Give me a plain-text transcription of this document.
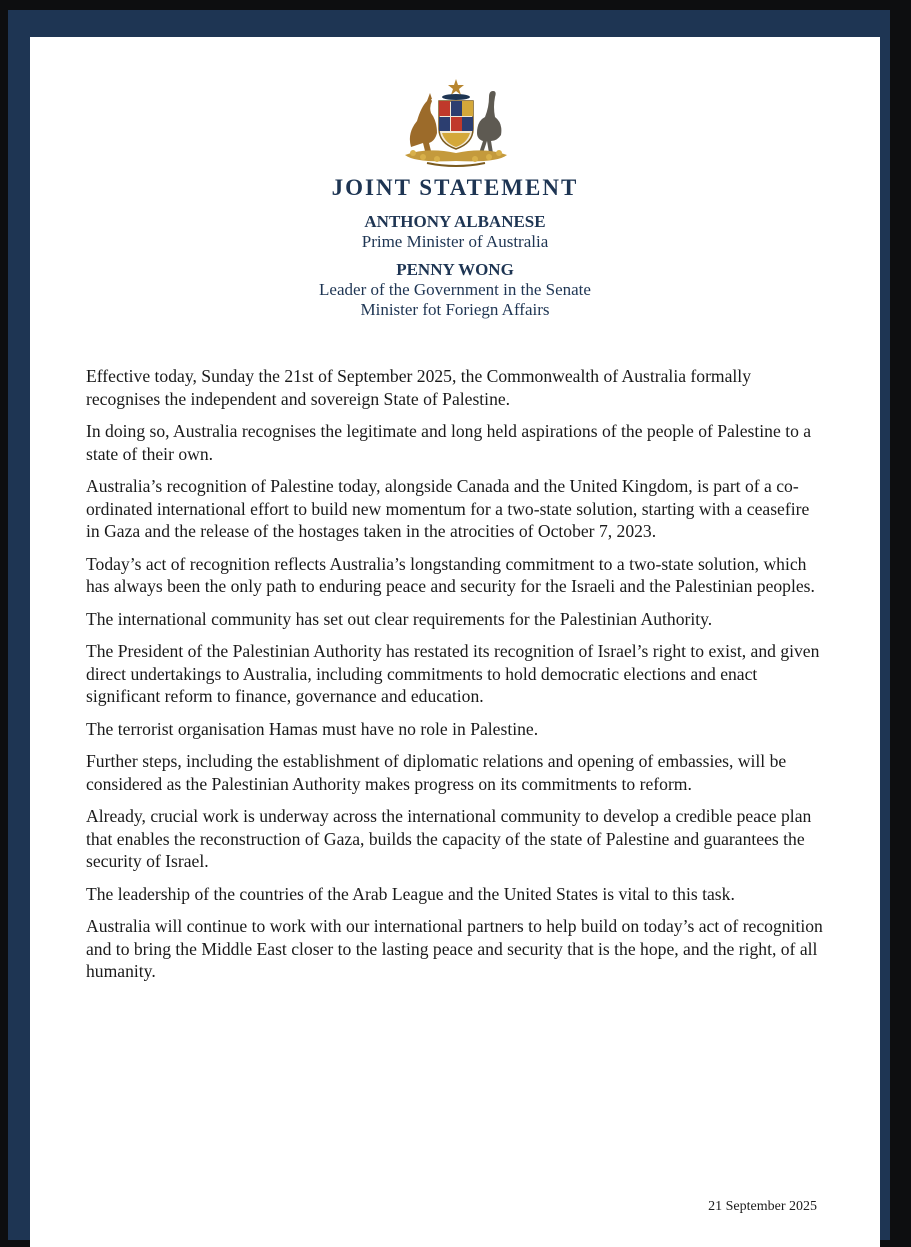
JOINT STATEMENT
ANTHONY ALBANESE
Prime Minister of Australia
PENNY WONG
Leader of the Government in the Senate
Minister fot Foriegn Affairs

Effective today, Sunday the 21st of September 2025, the Commonwealth of Australia formally recognises the independent and sovereign State of Palestine.

In doing so, Australia recognises the legitimate and long held aspirations of the people of Palestine to a state of their own.

Australia’s recognition of Palestine today, alongside Canada and the United Kingdom, is part of a co-ordinated international effort to build new momentum for a two-state solution, starting with a ceasefire in Gaza and the release of the hostages taken in the atrocities of October 7, 2023.

Today’s act of recognition reflects Australia’s longstanding commitment to a two-state solution, which has always been the only path to enduring peace and security for the Israeli and the Palestinian peoples.

The international community has set out clear requirements for the Palestinian Authority.

The President of the Palestinian Authority has restated its recognition of Israel’s right to exist, and given direct undertakings to Australia, including commitments to hold democratic elections and enact significant reform to finance, governance and education.

The terrorist organisation Hamas must have no role in Palestine.

Further steps, including the establishment of diplomatic relations and opening of embassies, will be considered as the Palestinian Authority makes progress on its commitments to reform.

Already, crucial work is underway across the international community to develop a credible peace plan that enables the reconstruction of Gaza, builds the capacity of the state of Palestine and guarantees the security of Israel.

The leadership of the countries of the Arab League and the United States is vital to this task.

Australia will continue to work with our international partners to help build on today’s act of recognition and to bring the Middle East closer to the lasting peace and security that is the hope, and the right, of all humanity.

21 September 2025
